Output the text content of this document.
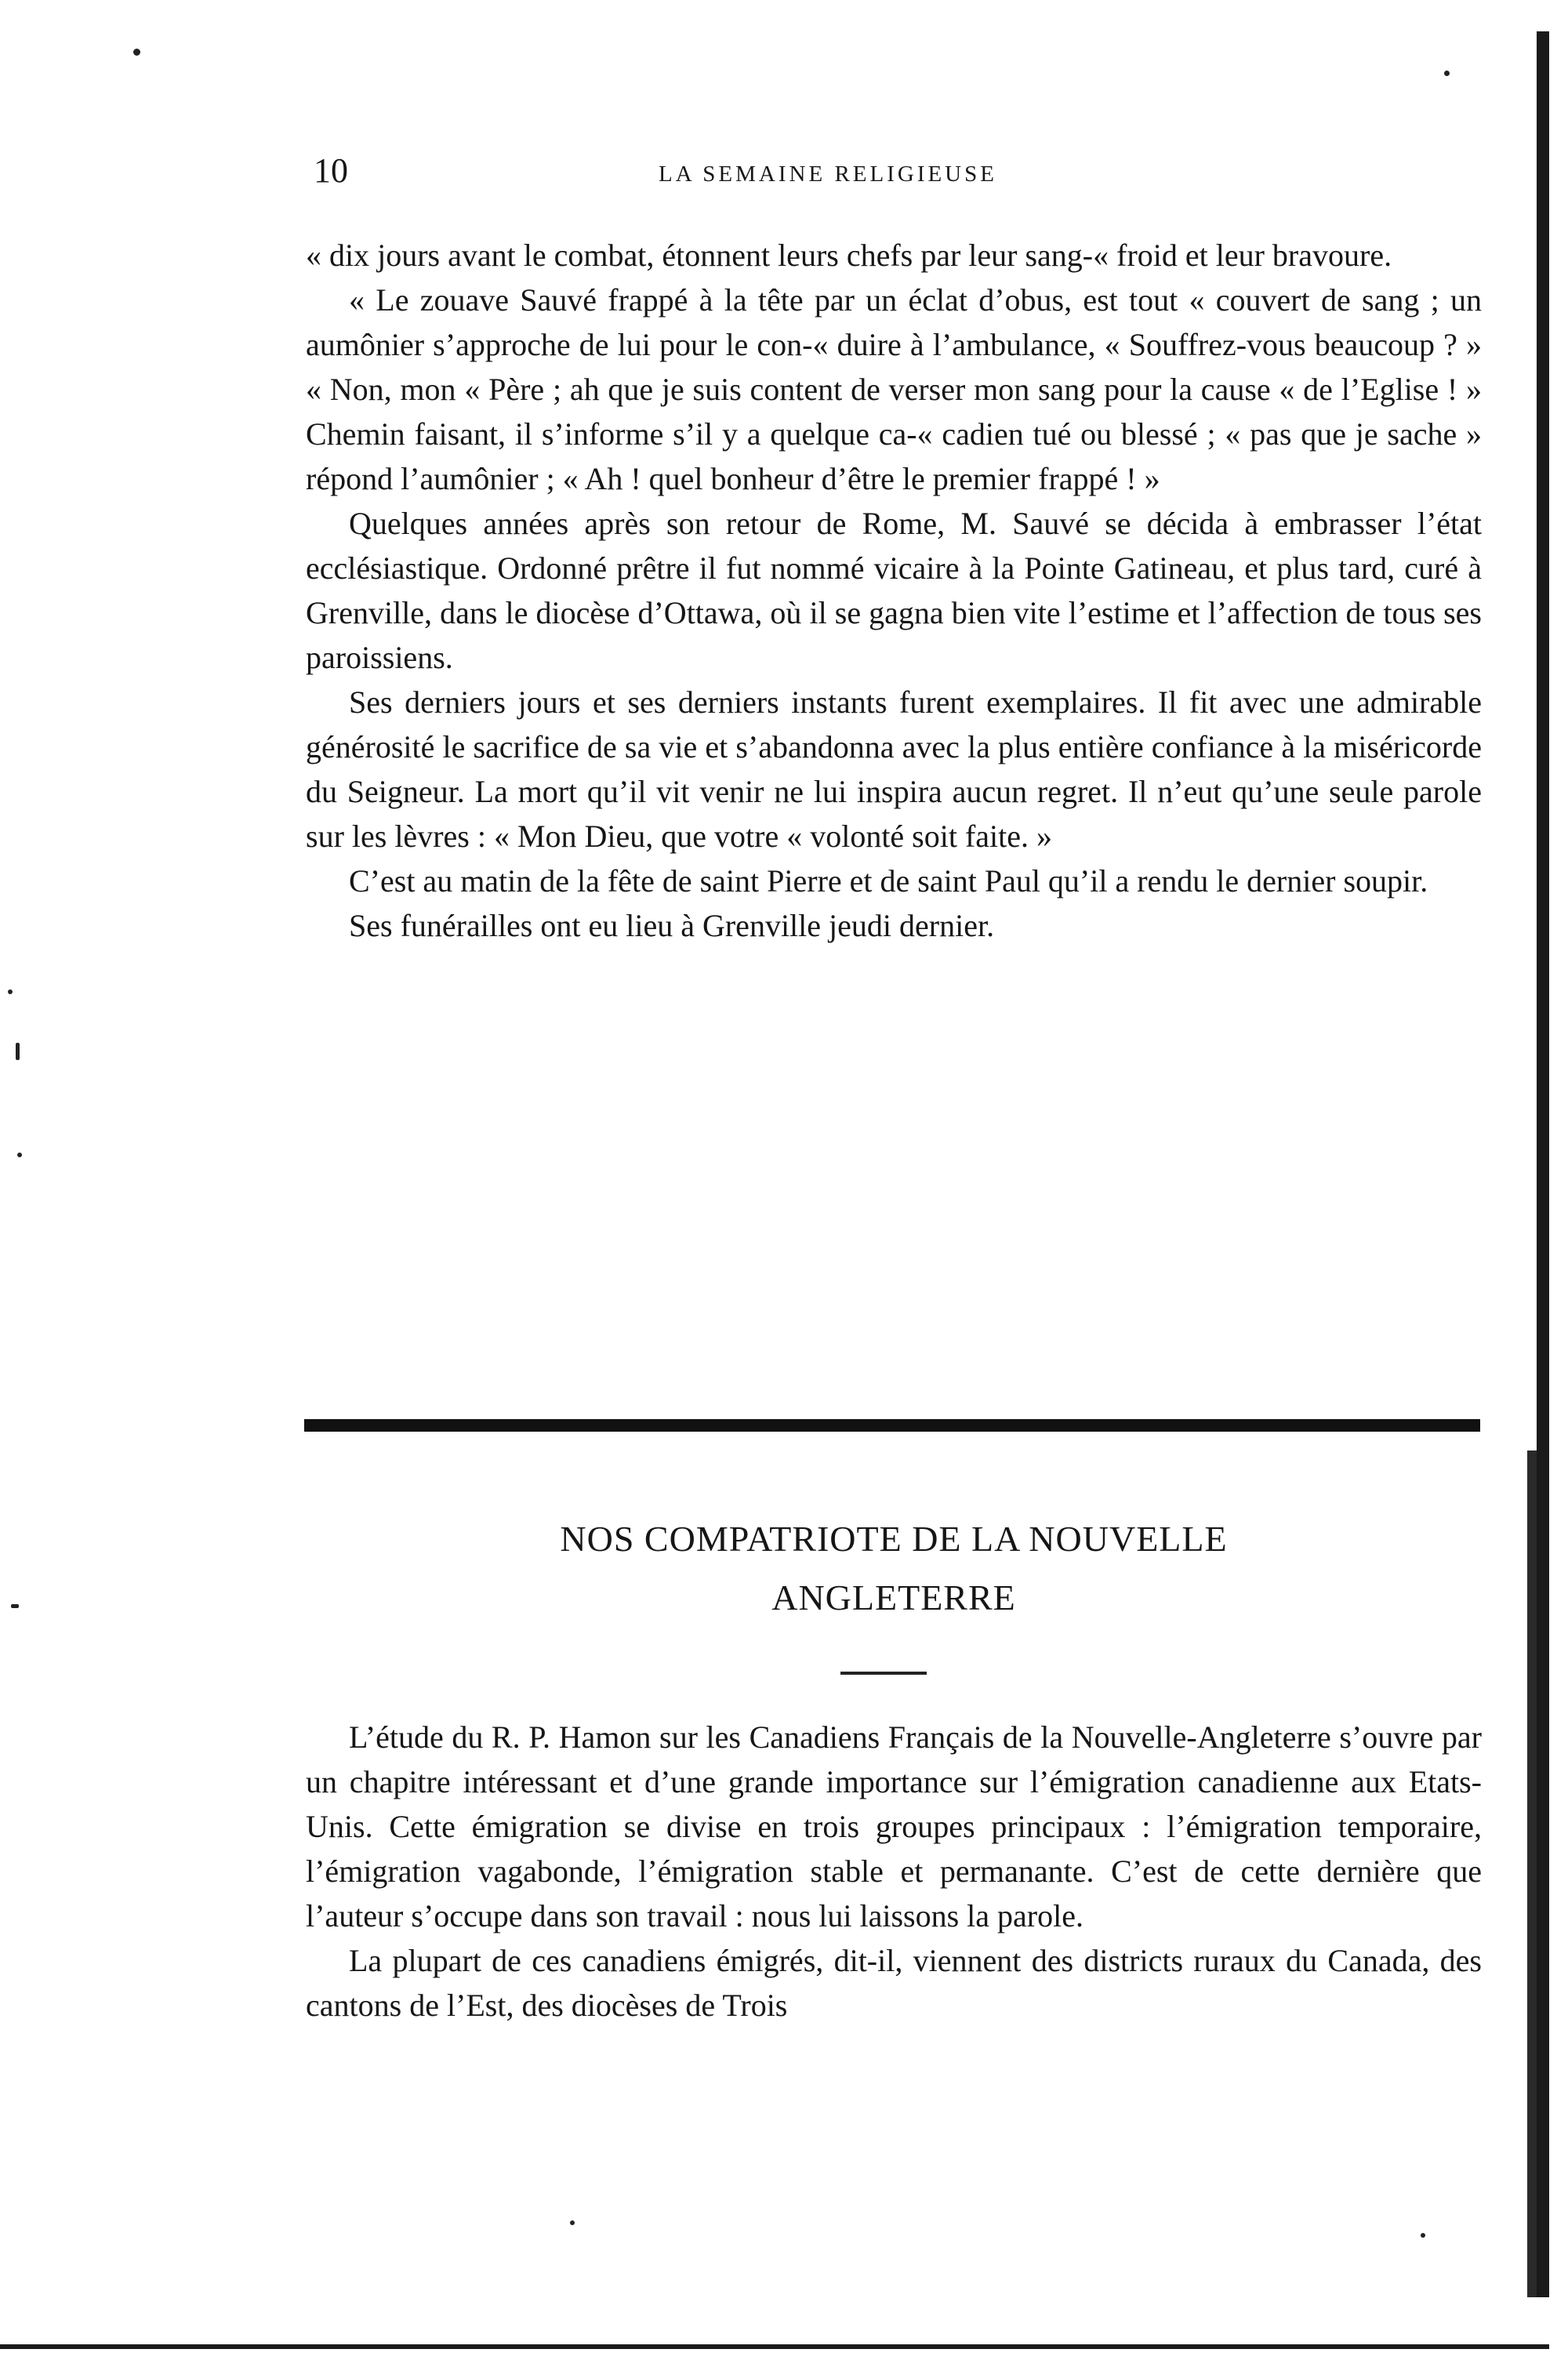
10	LA SEMAINE RELIGIEUSE

« dix jours avant le combat, étonnent leurs chefs par leur sang-« froid et leur bravoure.

« Le zouave Sauvé frappé à la tête par un éclat d’obus, est tout « couvert de sang ; un aumônier s’approche de lui pour le con-« duire à l’ambulance, « Souffrez-vous beaucoup ? » « Non, mon « Père ; ah que je suis content de verser mon sang pour la cause « de l’Eglise ! » Chemin faisant, il s’informe s’il y a quelque ca-« cadien tué ou blessé ; « pas que je sache » répond l’aumônier ; « Ah ! quel bonheur d’être le premier frappé ! »

Quelques années après son retour de Rome, M. Sauvé se décida à embrasser l’état ecclésiastique. Ordonné prêtre il fut nommé vicaire à la Pointe Gatineau, et plus tard, curé à Grenville, dans le diocèse d’Ottawa, où il se gagna bien vite l’estime et l’affection de tous ses paroissiens.

Ses derniers jours et ses derniers instants furent exemplaires. Il fit avec une admirable générosité le sacrifice de sa vie et s’abandonna avec la plus entière confiance à la miséricorde du Seigneur. La mort qu’il vit venir ne lui inspira aucun regret. Il n’eut qu’une seule parole sur les lèvres : « Mon Dieu, que votre « volonté soit faite. »

C’est au matin de la fête de saint Pierre et de saint Paul qu’il a rendu le dernier soupir.

Ses funérailles ont eu lieu à Grenville jeudi dernier.

NOS COMPATRIOTE DE LA NOUVELLE
ANGLETERRE

L’étude du R. P. Hamon sur les Canadiens Français de la Nouvelle-Angleterre s’ouvre par un chapitre intéressant et d’une grande importance sur l’émigration canadienne aux Etats-Unis. Cette émigration se divise en trois groupes principaux : l’émigration temporaire, l’émigration vagabonde, l’émigration stable et permanante. C’est de cette dernière que l’auteur s’occupe dans son travail : nous lui laissons la parole.

La plupart de ces canadiens émigrés, dit-il, viennent des districts ruraux du Canada, des cantons de l’Est, des diocèses de Trois
